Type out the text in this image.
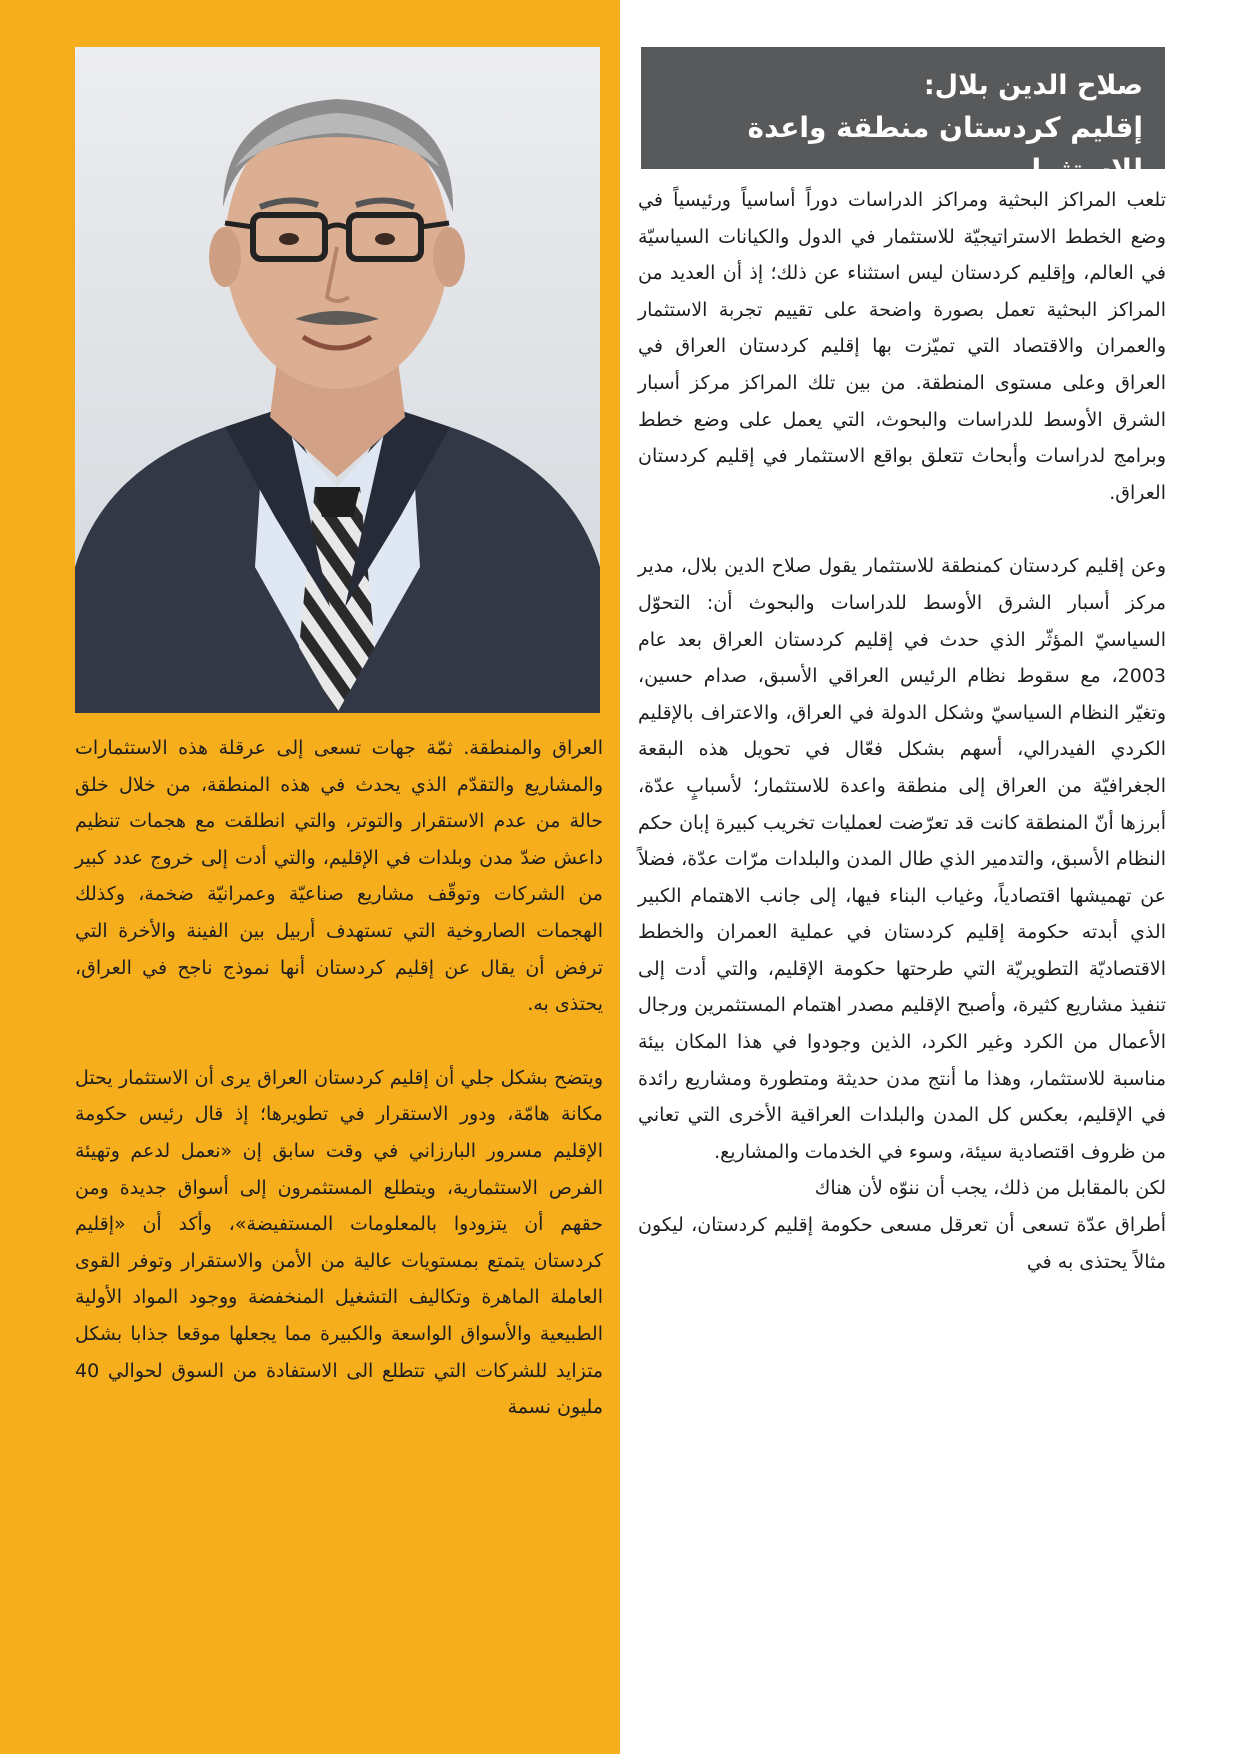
صلاح الدين بلال:

إقليم كردستان منطقة واعدة للاستثمار

تلعب المراكز البحثية ومراكز الدراسات دوراً أساسياً ورئيسياً في وضع الخطط الاستراتيجيّة للاستثمار في الدول والكيانات السياسيّة في العالم، وإقليم كردستان ليس استثناء عن ذلك؛ إذ أن العديد من المراكز البحثية تعمل بصورة واضحة على تقييم تجربة الاستثمار والعمران والاقتصاد التي تميّزت بها إقليم كردستان العراق في العراق وعلى مستوى المنطقة. من بين تلك المراكز مركز أسبار الشرق الأوسط للدراسات والبحوث، التي يعمل على وضع خطط وبرامج لدراسات وأبحاث تتعلق بواقع الاستثمار في إقليم كردستان العراق.

وعن إقليم كردستان كمنطقة للاستثمار يقول صلاح الدين بلال، مدير مركز أسبار الشرق الأوسط للدراسات والبحوث أن: التحوّل السياسيّ المؤثّر الذي حدث في إقليم كردستان العراق بعد عام 2003، مع سقوط نظام الرئيس العراقي الأسبق، صدام حسين، وتغيّر النظام السياسيّ وشكل الدولة في العراق، والاعتراف بالإقليم الكردي الفيدرالي، أسهم بشكل فعّال في تحويل هذه البقعة الجغرافيّة من العراق إلى منطقة واعدة للاستثمار؛ لأسبابٍ عدّة، أبرزها أنّ المنطقة كانت قد تعرّضت لعمليات تخريب كبيرة إبان حكم النظام الأسبق، والتدمير الذي طال المدن والبلدات مرّات عدّة، فضلاً عن تهميشها اقتصادياً، وغياب البناء فيها، إلى جانب الاهتمام الكبير الذي أبدته حكومة إقليم كردستان في عملية العمران والخطط الاقتصاديّة التطويريّة التي طرحتها حكومة الإقليم، والتي أدت إلى تنفيذ مشاريع كثيرة، وأصبح الإقليم مصدر اهتمام المستثمرين ورجال الأعمال من الكرد وغير الكرد، الذين وجودوا في هذا المكان بيئة مناسبة للاستثمار، وهذا ما أنتج مدن حديثة ومتطورة ومشاريع رائدة في الإقليم، بعكس كل المدن والبلدات العراقية الأخرى التي تعاني من ظروف اقتصادية سيئة، وسوء في الخدمات والمشاريع.

لكن بالمقابل من ذلك، يجب أن ننوّه لأن هناك

أطراق عدّة تسعى أن تعرقل مسعى حكومة إقليم كردستان، ليكون مثالاً يحتذى به في

العراق والمنطقة. ثمّة جهات تسعى إلى عرقلة هذه الاستثمارات والمشاريع والتقدّم الذي يحدث في هذه المنطقة، من خلال خلق حالة من عدم الاستقرار والتوتر، والتي انطلقت مع هجمات تنظيم داعش ضدّ مدن وبلدات في الإقليم، والتي أدت إلى خروج عدد كبير من الشركات وتوقّف مشاريع صناعيّة وعمرانيّة ضخمة، وكذلك الهجمات الصاروخية التي تستهدف أربيل بين الفينة والأخرة التي ترفض أن يقال عن إقليم كردستان أنها نموذج ناجح في العراق، يحتذى به.

ويتضح بشكل جلي أن إقليم كردستان العراق يرى أن الاستثمار يحتل مكانة هامّة، ودور الاستقرار في تطويرها؛ إذ قال رئيس حكومة الإقليم مسرور البارزاني في وقت سابق إن «نعمل لدعم وتهيئة الفرص الاستثمارية، ويتطلع المستثمرون إلى أسواق جديدة ومن حقهم أن يتزودوا بالمعلومات المستفيضة»، وأكد أن «إقليم كردستان يتمتع بمستويات عالية من الأمن والاستقرار وتوفر القوى العاملة الماهرة وتكاليف التشغيل المنخفضة ووجود المواد الأولية الطبيعية والأسواق الواسعة والكبيرة مما يجعلها موقعا جذابا بشكل متزايد للشركات التي تتطلع الى الاستفادة من السوق لحوالي 40 مليون نسمة
